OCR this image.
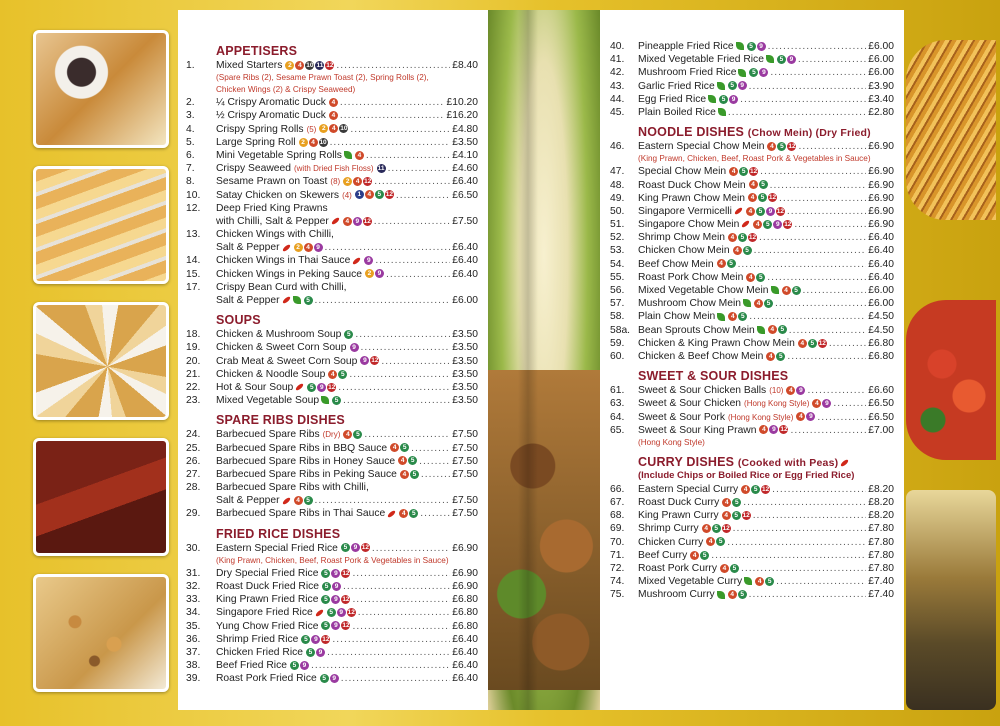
APPETISERS
1.	Mixed Starters 2 4 10 11 12 .....	£8.40
(Spare Ribs (2), Sesame Prawn Toast (2), Spring Rolls (2),
Chicken Wings (2) & Crispy Seaweed)
2.	¼ Crispy Aromatic Duck 4 .....	£10.20
3.	½ Crispy Aromatic Duck 4 .....	£16.20
4.	Crispy Spring Rolls (5) 2 4 10 .....	£4.80
5.	Large Spring Roll 2 4 10 .....	£3.50
6.	Mini Vegetable Spring Rolls	4 .....	£4.10
7.	Crispy Seaweed (with Dried Fish Floss) 11 .....	£4.60
8.	Sesame Prawn on Toast (8) 2 4 12 .....	£6.40
10.	Satay Chicken on Skewers (4) 1 4 5 12 .....	£6.50
12.	Deep Fried King Prawns
with Chilli, Salt & Pepper	4 9 12 .....	£7.50
13.	Chicken Wings with Chilli,
Salt & Pepper	2 4 9 .....	£6.40
14.	Chicken Wings in Thai Sauce	9 .....	£6.40
15.	Chicken Wings in Peking Sauce 2 9 .....	£6.40
17.	Crispy Bean Curd with Chilli,
Salt & Pepper	5 .....	£6.00
SOUPS
18.	Chicken & Mushroom Soup 5 .....	£3.50
19.	Chicken & Sweet Corn Soup 9 .....	£3.50
20.	Crab Meat & Sweet Corn Soup 9 12 .....	£3.50
21.	Chicken & Noodle Soup 4 5 .....	£3.50
22.	Hot & Sour Soup	5 9 12 .....	£3.50
23.	Mixed Vegetable Soup	5 .....	£3.50
SPARE RIBS DISHES
24.	Barbecued Spare Ribs (Dry) 4 5 .....	£7.50
25.	Barbecued Spare Ribs in BBQ Sauce 4 5 .....	£7.50
26.	Barbecued Spare Ribs in Honey Sauce 4 5 .....	£7.50
27.	Barbecued Spare Ribs in Peking Sauce 4 5 .....	£7.50
28.	Barbecued Spare Ribs with Chilli,
Salt & Pepper	4 5 .....	£7.50
29.	Barbecued Spare Ribs in Thai Sauce	4 5 .....	£7.50
FRIED RICE DISHES
30.	Eastern Special Fried Rice 5 9 12 .....	£6.90
(King Prawn, Chicken, Beef, Roast Pork & Vegetables in Sauce)
31.	Dry Special Fried Rice 5 9 12 .....	£6.90
32.	Roast Duck Fried Rice 5 9 .....	£6.90
33.	King Prawn Fried Rice 5 9 12 .....	£6.80
34.	Singapore Fried Rice	5 9 12 .....	£6.80
35.	Yung Chow Fried Rice 5 9 12 .....	£6.80
36.	Shrimp Fried Rice 5 9 12 .....	£6.40
37.	Chicken Fried Rice 5 9 .....	£6.40
38.	Beef Fried Rice 5 9 .....	£6.40
39.	Roast Pork Fried Rice 5 9 .....	£6.40
40.	Pineapple Fried Rice	5 9 .....	£6.00
41.	Mixed Vegetable Fried Rice	5 9 .....	£6.00
42.	Mushroom Fried Rice	5 9 .....	£6.00
43.	Garlic Fried Rice	5 9 .....	£3.90
44.	Egg Fried Rice	5 9 .....	£3.40
45.	Plain Boiled Rice .....	£2.80
NOODLE DISHES (Chow Mein) (Dry Fried)
46.	Eastern Special Chow Mein 4 5 12 .....	£6.90
(King Prawn, Chicken, Beef, Roast Pork & Vegetables in Sauce)
47.	Special Chow Mein 4 5 12 .....	£6.90
48.	Roast Duck Chow Mein 4 5 .....	£6.90
49.	King Prawn Chow Mein 4 5 12 .....	£6.90
50.	Singapore Vermicelli	4 5 9 12 .....	£6.90
51.	Singapore Chow Mein	4 5 9 12 .....	£6.90
52.	Shrimp Chow Mein 4 5 12 .....	£6.40
53.	Chicken Chow Mein 4 5 .....	£6.40
54.	Beef Chow Mein 4 5 .....	£6.40
55.	Roast Pork Chow Mein 4 5 .....	£6.40
56.	Mixed Vegetable Chow Mein	4 5 .....	£6.00
57.	Mushroom Chow Mein	4 5 .....	£6.00
58.	Plain Chow Mein	4 5 .....	£4.50
58a. Bean Sprouts Chow Mein	4 5 .....	£4.50
59.	Chicken & King Prawn Chow Mein 4 5 12 .....	£6.80
60.	Chicken & Beef Chow Mein 4 5 .....	£6.80
SWEET & SOUR DISHES
61.	Sweet & Sour Chicken Balls (10) 4 9 .....	£6.60
63.	Sweet & Sour Chicken (Hong Kong Style) 4 9 .....	£6.50
64.	Sweet & Sour Pork (Hong Kong Style) 4 9 .....	£6.50
65.	Sweet & Sour King Prawn 4 9 12 .....	£7.00
(Hong Kong Style)
CURRY DISHES (Cooked with Peas)
(Include Chips or Boiled Rice or Egg Fried Rice)
66.	Eastern Special Curry 4 5 12 .....	£8.20
67.	Roast Duck Curry 4 5 .....	£8.20
68.	King Prawn Curry 4 5 12 .....	£8.20
69.	Shrimp Curry 4 5 12 .....	£7.80
70.	Chicken Curry 4 5 .....	£7.80
71.	Beef Curry 4 5 .....	£7.80
72.	Roast Pork Curry 4 5 .....	£7.80
74.	Mixed Vegetable Curry	4 5 .....	£7.40
75.	Mushroom Curry	4 5 .....	£7.40
